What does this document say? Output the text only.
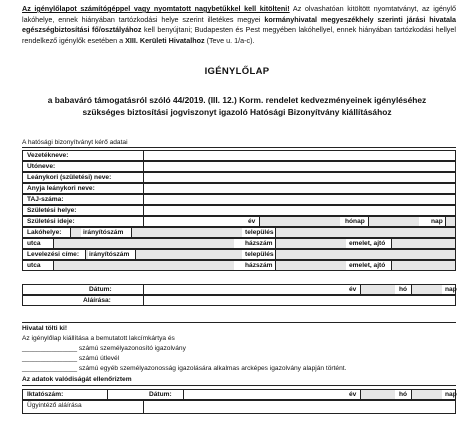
Az igénylőlapot számítógéppel vagy nyomtatott nagybetűkkel kell kitölteni! Az olvashatóan kitöltött nyomtatványt, az igénylő lakóhelye, ennek hiányában tartózkodási helye szerint illetékes megyei kormányhivatal megyeszékhely szerinti járási hivatala egészségbiztosítási fő/osztályához kell benyújtani; Budapesten és Pest megyében lakóhellyel, ennek hiányában tartózkodási hellyel rendelkező igénylők esetében a XIII. Kerületi Hivatalhoz (Teve u. 1/a-c).
IGÉNYLŐLAP
a babaváró támogatásról szóló 44/2019. (III. 12.) Korm. rendelet kedvezményeinek igényléséhez
szükséges biztosítási jogviszonyt igazoló Hatósági Bizonyítvány kiállításához
A hatósági bizonyítványt kérő adatai
Vezetékneve:
Utóneve:
Leánykori (születési) neve:
Anyja leánykori neve:
TAJ-száma:
Születési helye:
Születési ideje:	év	hónap	nap
Lakóhelye:	irányítószám	település
utca	házszám	emelet, ajtó
Levelezési címe: irányítószám	település
utca	házszám	emelet, ajtó
Dátum:	év	hó	nap
Aláírása:
Hivatal tölti ki!
Az igénylőlap kiállítása a bemutatott lakcímkártya és
_______________ számú személyazonosító igazolvány
_______________ számú útlevél
_______________ számú egyéb személyazonosság igazolására alkalmas arcképes igazolvány alapján történt.
Az adatok valódiságát ellenőriztem
Iktatószám:	Dátum:	év	hó	nap
Ügyintéző aláírása
